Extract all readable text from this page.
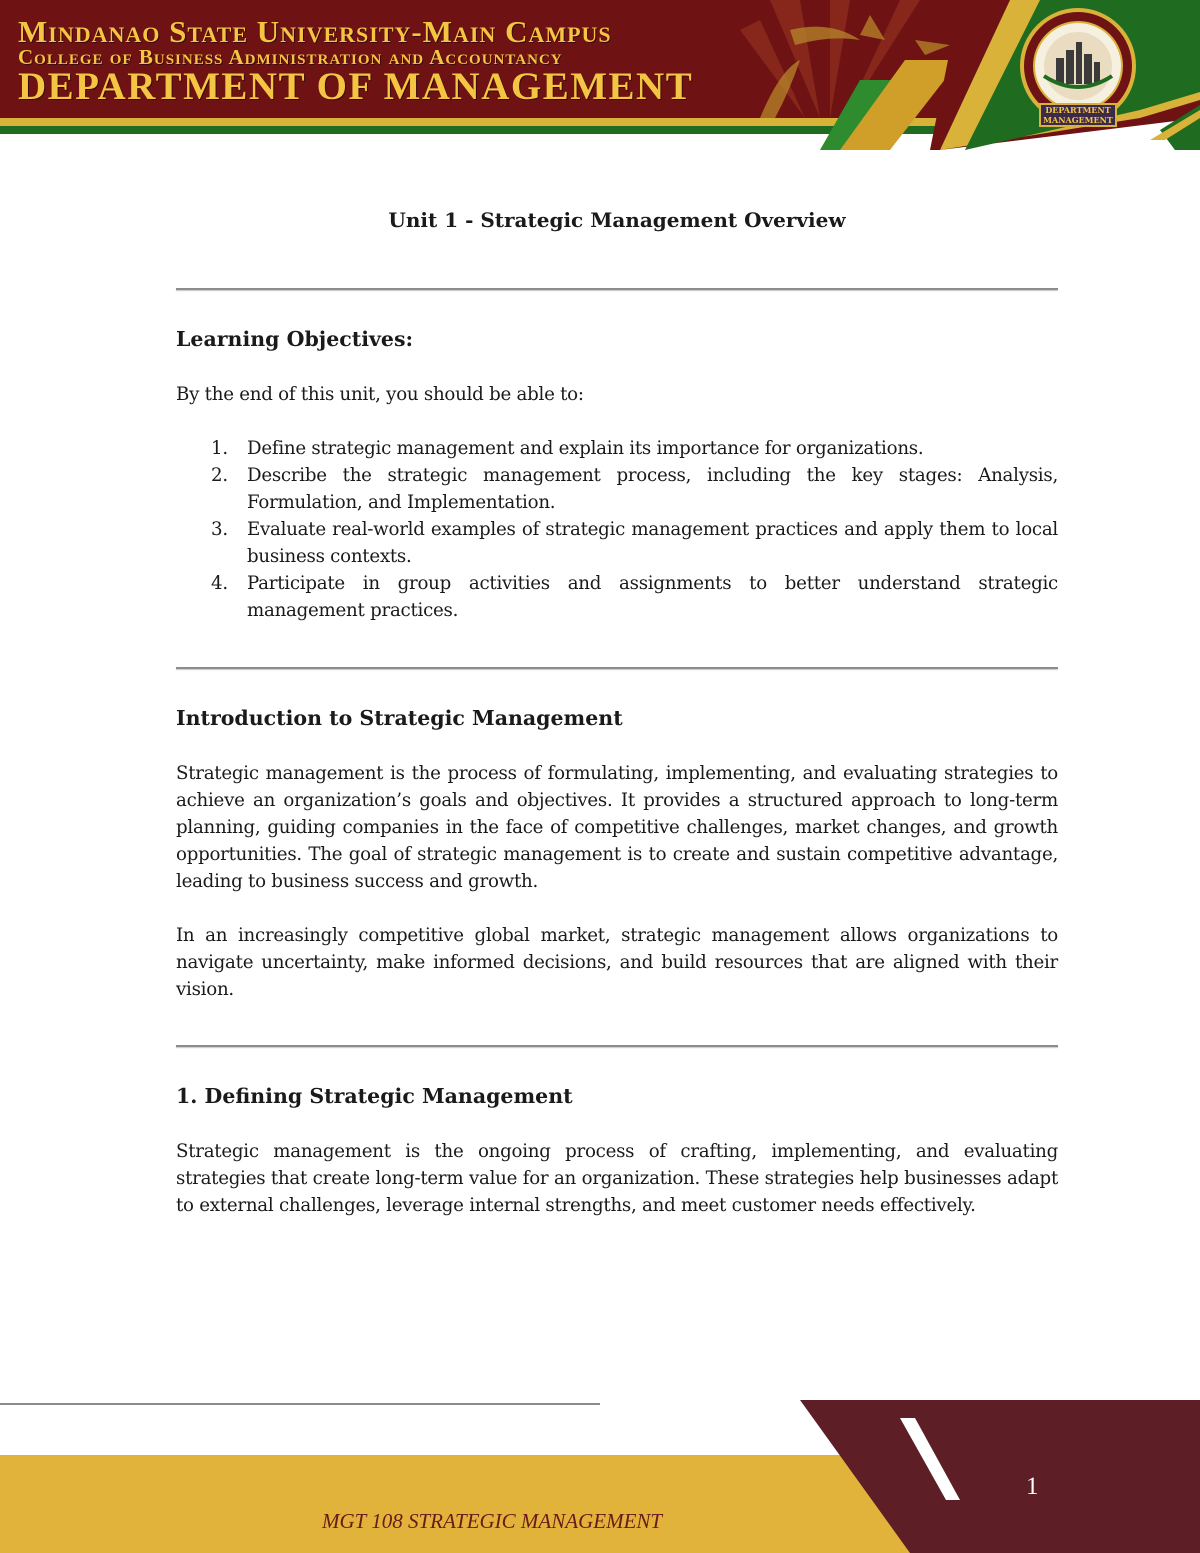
Mindanao State University-Main Campus
College of Business Administration and Accountancy
DEPARTMENT OF MANAGEMENT
DEPARTMENT
MANAGEMENT
Unit 1 - Strategic Management Overview
Learning Objectives:

By the end of this unit, you should be able to:

1. Define strategic management and explain its importance for organizations.
2. Describe the strategic management process, including the key stages: Analysis, Formulation, and Implementation.
3. Evaluate real-world examples of strategic management practices and apply them to local business contexts.
4. Participate in group activities and assignments to better understand strategic management practices.
Introduction to Strategic Management

Strategic management is the process of formulating, implementing, and evaluating strategies to achieve an organization’s goals and objectives. It provides a structured approach to long-term planning, guiding companies in the face of competitive challenges, market changes, and growth opportunities. The goal of strategic management is to create and sustain competitive advantage, leading to business success and growth.

In an increasingly competitive global market, strategic management allows organizations to navigate uncertainty, make informed decisions, and build resources that are aligned with their vision.

1. Defining Strategic Management

Strategic management is the ongoing process of crafting, implementing, and evaluating strategies that create long-term value for an organization. These strategies help businesses adapt to external challenges, leverage internal strengths, and meet customer needs effectively.

MGT 108 STRATEGIC MANAGEMENT
1
